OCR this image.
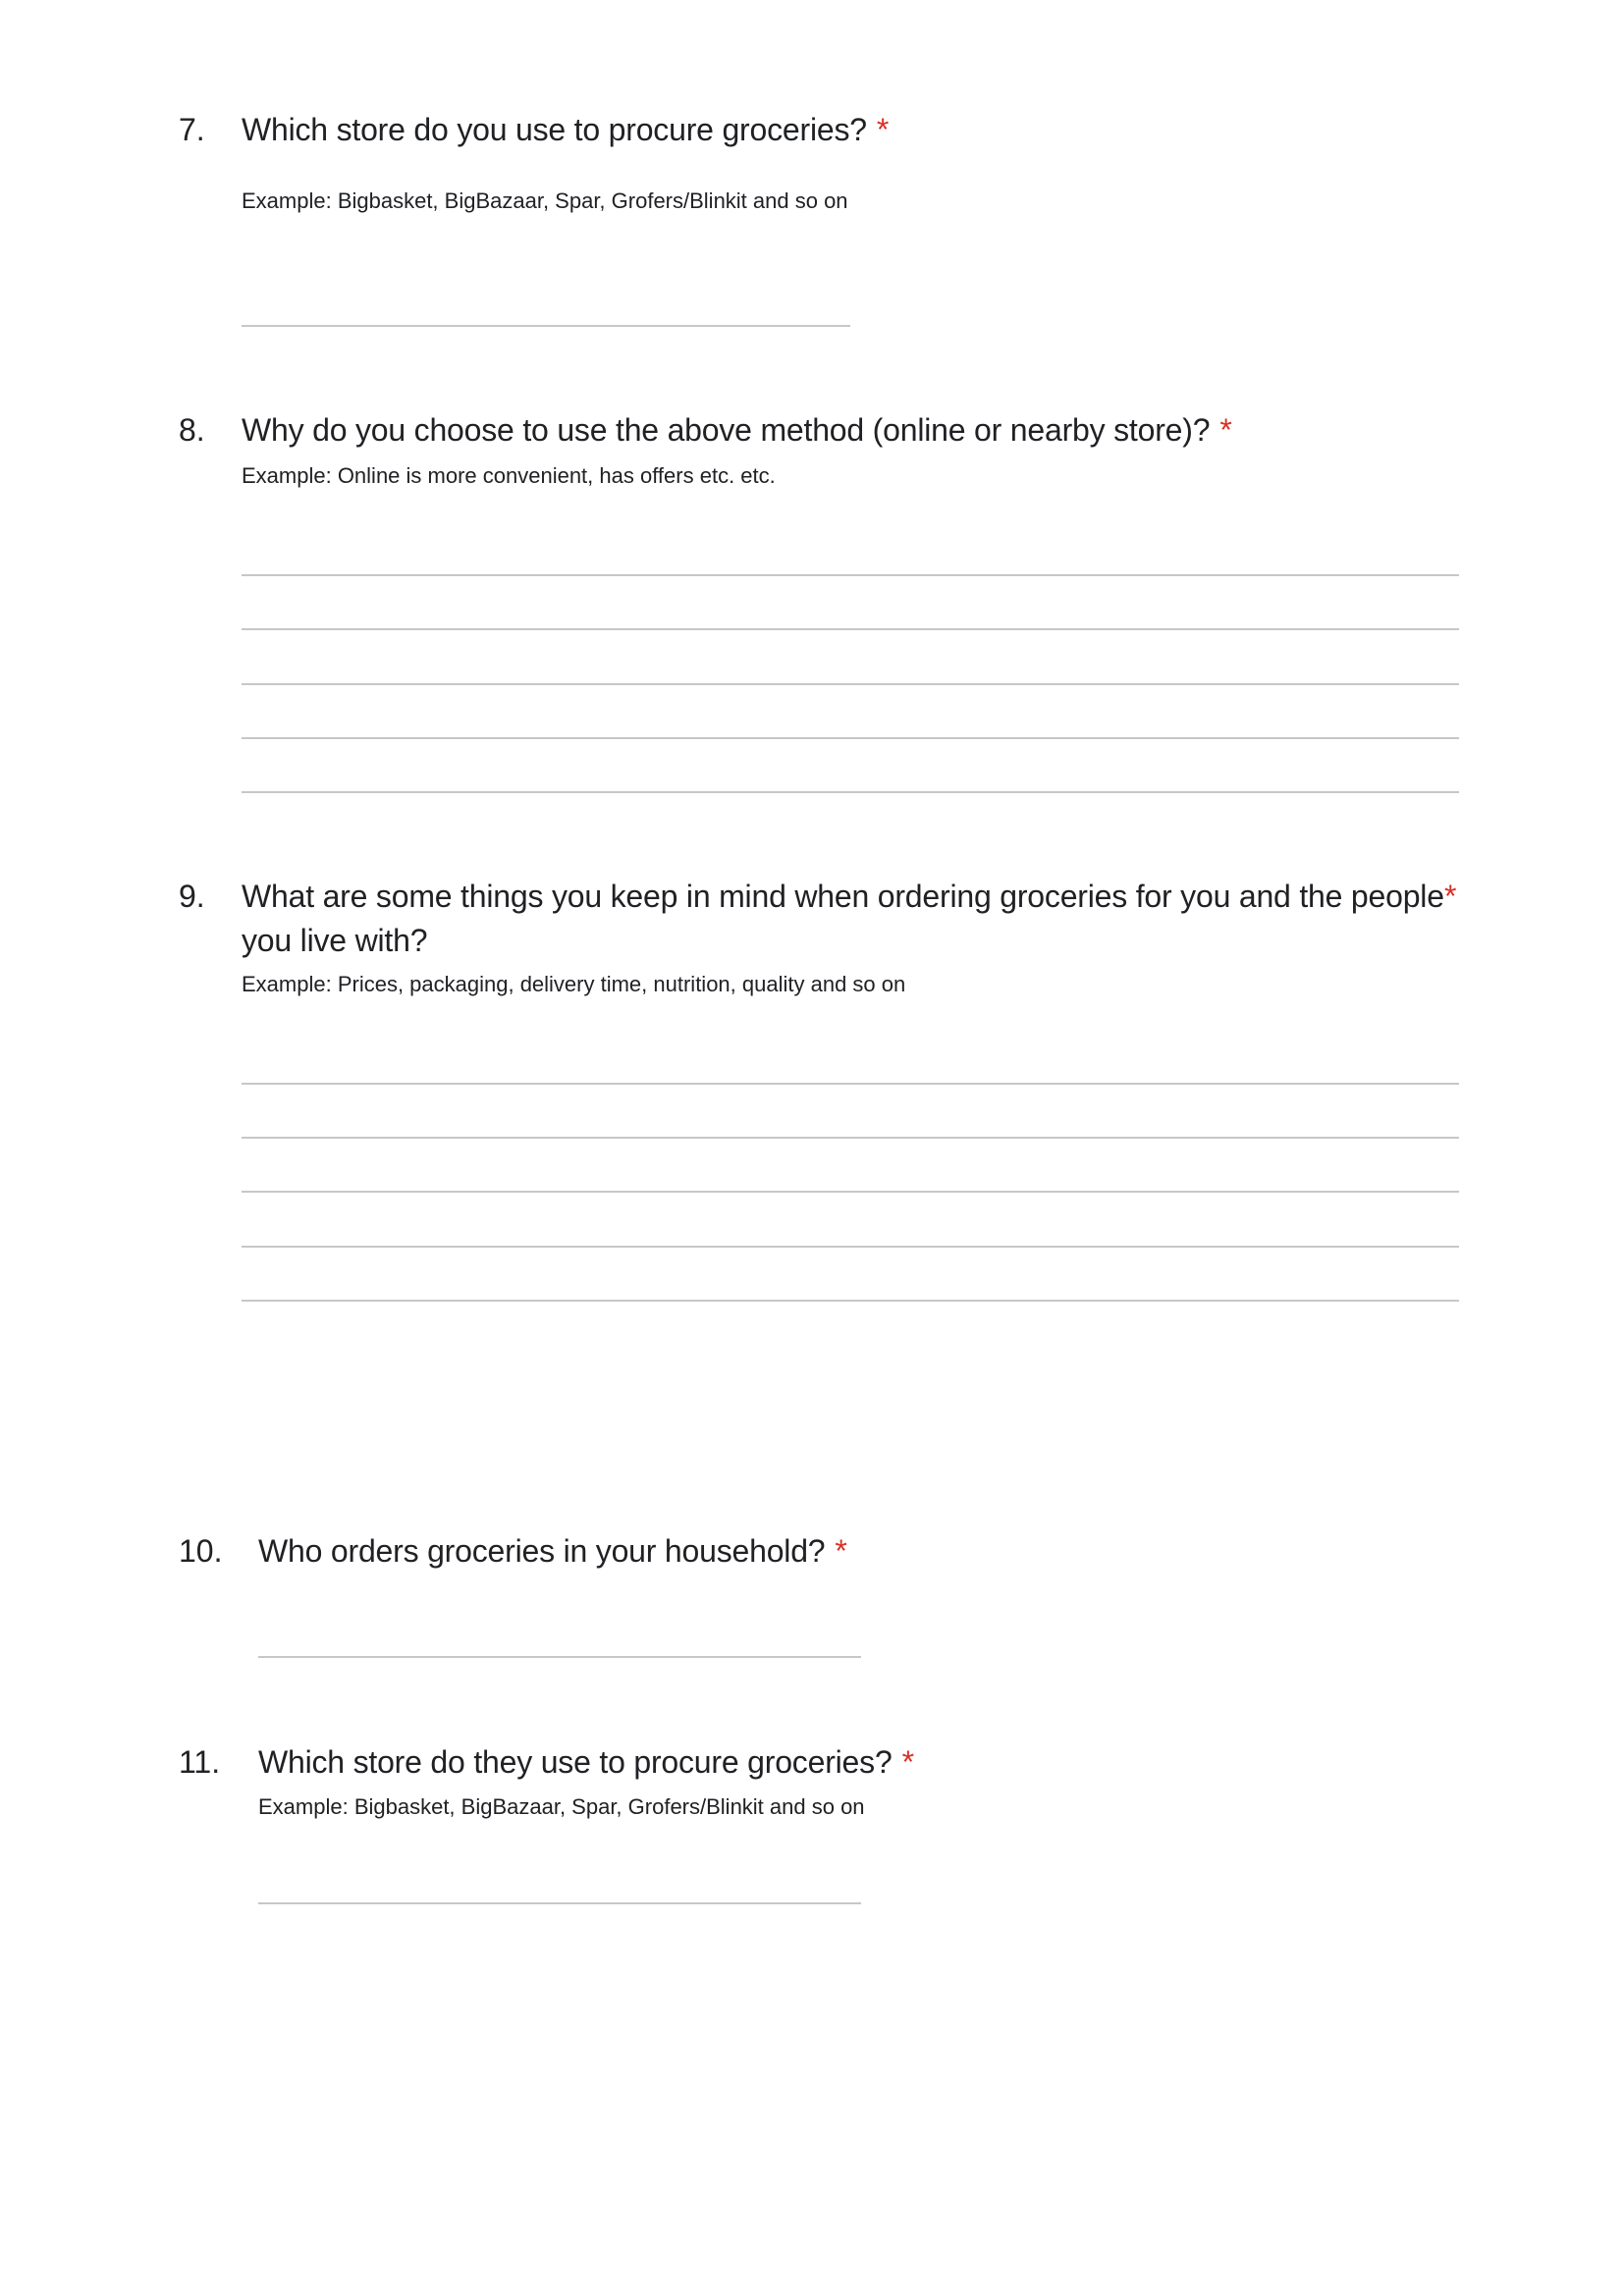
7. Which store do you use to procure groceries? *
Example: Bigbasket, BigBazaar, Spar, Grofers/Blinkit and so on
8. Why do you choose to use the above method (online or nearby store)? *
Example: Online is more convenient, has offers etc. etc.
9. What are some things you keep in mind when ordering groceries for you and the people *
you live with?
Example: Prices, packaging, delivery time, nutrition, quality and so on
10. Who orders groceries in your household? *
11. Which store do they use to procure groceries? *
Example: Bigbasket, BigBazaar, Spar, Grofers/Blinkit and so on
